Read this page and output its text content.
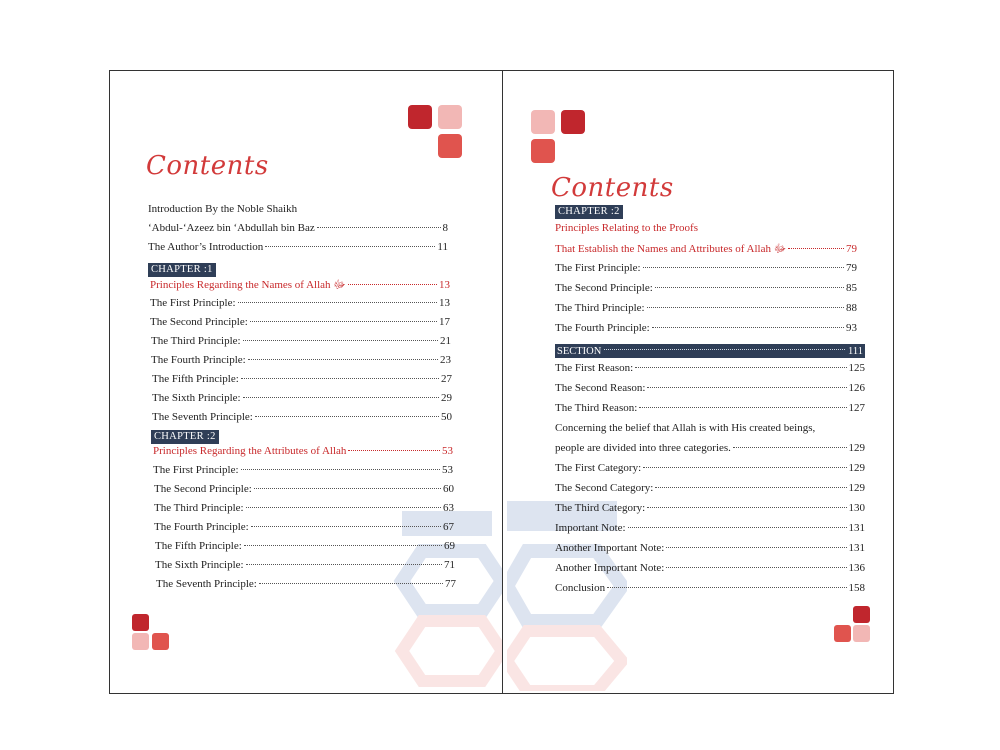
Contents
Introduction By the Noble Shaikh
‘Abdul-‘Azeez bin ‘Abdullah bin Baz	8
The Author’s Introduction	11
CHAPTER :1
Principles Regarding the Names of Allah ﷻ	13
The First Principle:	13
The Second Principle:	17
The Third Principle:	21
The Fourth Principle:	23
The Fifth Principle:	27
The Sixth Principle:	29
The Seventh Principle:	50
CHAPTER :2
Principles Regarding the Attributes of Allah	53
The First Principle:	53
The Second Principle:	60
The Third Principle:	63
The Fourth Principle:	67
The Fifth Principle:	69
The Sixth Principle:	71
The Seventh Principle:	77
Contents
CHAPTER :2
Principles Relating to the Proofs
That Establish the Names and Attributes of Allah ﷻ	79
The First Principle:	79
The Second Principle:	85
The Third Principle:	88
The Fourth Principle:	93
SECTION	111
The First Reason:	125
The Second Reason:	126
The Third Reason:	127
Concerning the belief that Allah is with His created beings,
people are divided into three categories.	129
The First Category:	129
The Second Category:	129
The Third Category:	130
Important Note:	131
Another Important Note:	131
Another Important Note:	136
Conclusion	158
